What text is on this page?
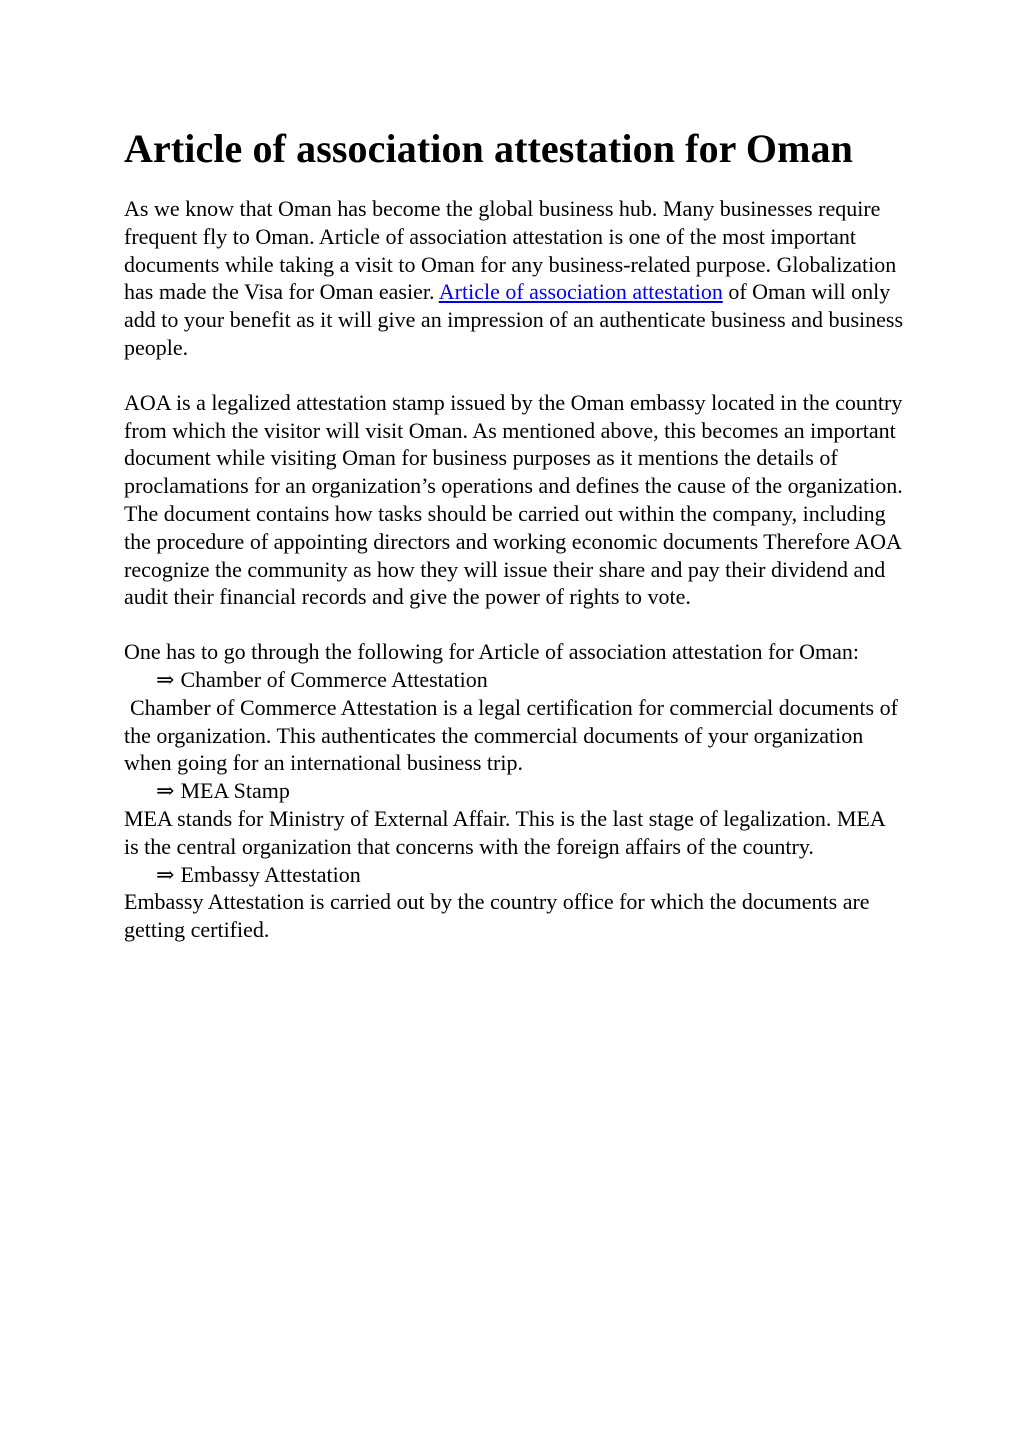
Article of association attestation for Oman

As we know that Oman has become the global business hub. Many businesses require frequent fly to Oman. Article of association attestation is one of the most important documents while taking a visit to Oman for any business-related purpose. Globalization has made the Visa for Oman easier. Article of association attestation of Oman will only add to your benefit as it will give an impression of an authenticate business and business people.

AOA is a legalized attestation stamp issued by the Oman embassy located in the country from which the visitor will visit Oman. As mentioned above, this becomes an important document while visiting Oman for business purposes as it mentions the details of proclamations for an organization’s operations and defines the cause of the organization. The document contains how tasks should be carried out within the company, including the procedure of appointing directors and working economic documents Therefore AOA recognize the community as how they will issue their share and pay their dividend and audit their financial records and give the power of rights to vote.

One has to go through the following for Article of association attestation for Oman:

⇒ Chamber of Commerce Attestation

Chamber of Commerce Attestation is a legal certification for commercial documents of the organization. This authenticates the commercial documents of your organization when going for an international business trip.

⇒ MEA Stamp

MEA stands for Ministry of External Affair. This is the last stage of legalization. MEA is the central organization that concerns with the foreign affairs of the country.

⇒ Embassy Attestation

Embassy Attestation is carried out by the country office for which the documents are getting certified.
